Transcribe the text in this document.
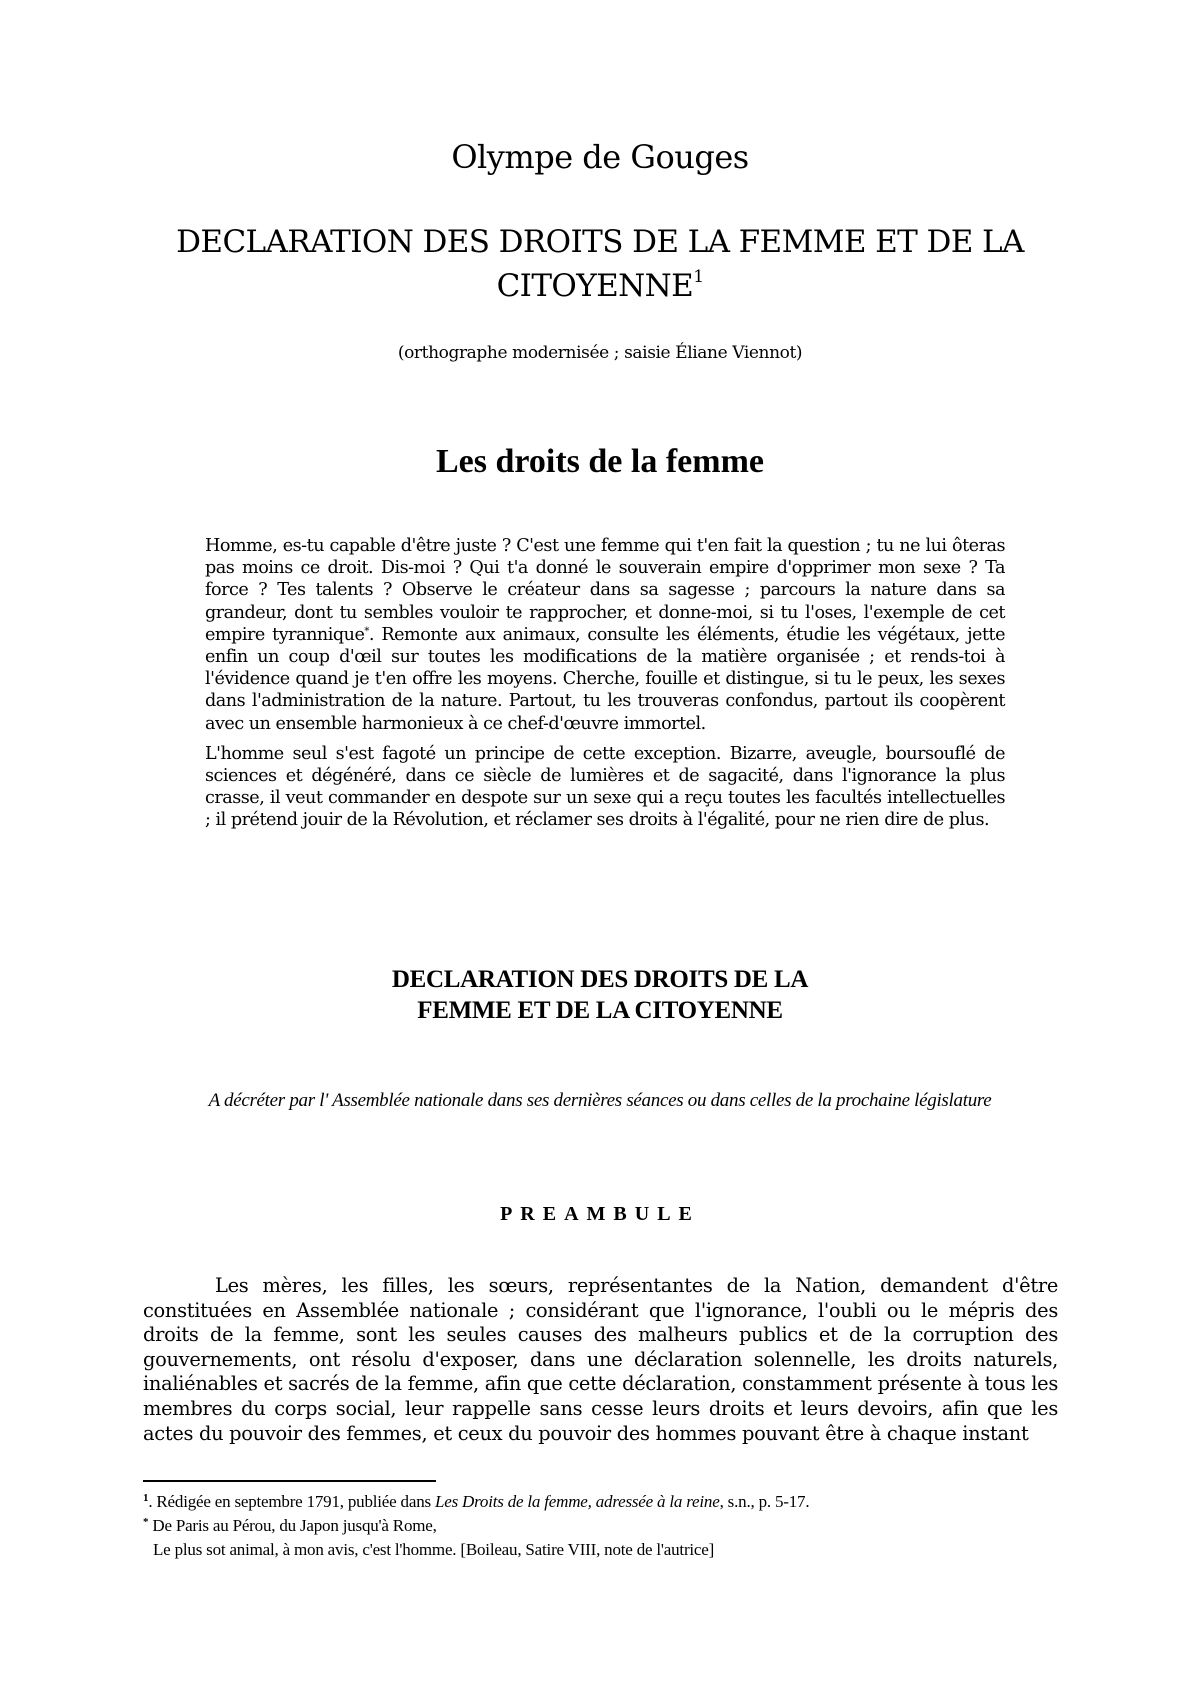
Olympe de Gouges
DECLARATION DES DROITS DE LA FEMME ET DE LA CITOYENNE$^1$
(orthographe modernisée ; saisie Éliane Viennot)
Les droits de la femme

Homme, es-tu capable d'être juste ? C'est une femme qui t'en fait la question ; tu ne lui ôteras pas moins ce droit. Dis-moi ? Qui t'a donné le souverain empire d'opprimer mon sexe ? Ta force ? Tes talents ? Observe le créateur dans sa sagesse ; parcours la nature dans sa grandeur, dont tu sembles vouloir te rapprocher, et donne-moi, si tu l'oses, l'exemple de cet empire tyrannique*. Remonte aux animaux, consulte les éléments, étudie les végétaux, jette enfin un coup d'œil sur toutes les modifications de la matière organisée ; et rends-toi à l'évidence quand je t'en offre les moyens. Cherche, fouille et distingue, si tu le peux, les sexes dans l'administration de la nature. Partout, tu les trouveras confondus, partout ils coopèrent avec un ensemble harmonieux à ce chef-d'œuvre immortel.

L'homme seul s'est fagoté un principe de cette exception. Bizarre, aveugle, boursouflé de sciences et dégénéré, dans ce siècle de lumières et de sagacité, dans l'ignorance la plus crasse, il veut commander en despote sur un sexe qui a reçu toutes les facultés intellectuelles ; il prétend jouir de la Révolution, et réclamer ses droits à l'égalité, pour ne rien dire de plus.

DECLARATION DES DROITS DE LA
FEMME ET DE LA CITOYENNE
A décréter par l' Assemblée nationale dans ses dernières séances ou dans celles de la prochaine législature
PREAMBULE

Les mères, les filles, les sœurs, représentantes de la Nation, demandent d'être constituées en Assemblée nationale ; considérant que l'ignorance, l'oubli ou le mépris des droits de la femme, sont les seules causes des malheurs publics et de la corruption des gouvernements, ont résolu d'exposer, dans une déclaration solennelle, les droits naturels, inaliénables et sacrés de la femme, afin que cette déclaration, constamment présente à tous les membres du corps social, leur rappelle sans cesse leurs droits et leurs devoirs, afin que les actes du pouvoir des femmes, et ceux du pouvoir des hommes pouvant être à chaque instant

$^1$. Rédigée en septembre 1791, publiée dans Les Droits de la femme, adressée à la reine, s.n., p. 5-17.

* De Paris au Pérou, du Japon jusqu'à Rome,

Le plus sot animal, à mon avis, c'est l'homme. [Boileau, Satire VIII, note de l'autrice]
